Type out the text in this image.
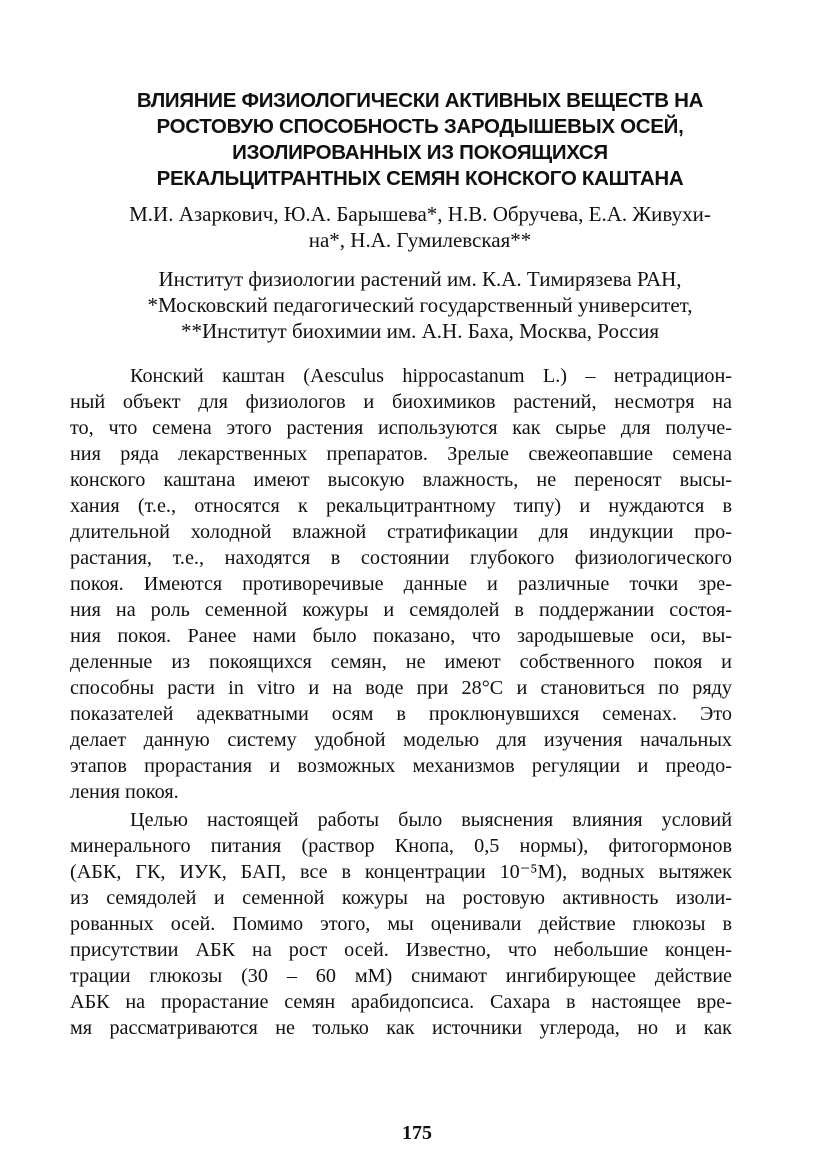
ВЛИЯНИЕ ФИЗИОЛОГИЧЕСКИ АКТИВНЫХ ВЕЩЕСТВ НА
РОСТОВУЮ СПОСОБНОСТЬ ЗАРОДЫШЕВЫХ ОСЕЙ,
ИЗОЛИРОВАННЫХ ИЗ ПОКОЯЩИХСЯ
РЕКАЛЬЦИТРАНТНЫХ СЕМЯН КОНСКОГО КАШТАНА
М.И. Азаркович, Ю.А. Барышева*, Н.В. Обручева, Е.А. Живухи-
на*, Н.А. Гумилевская**
Институт физиологии растений им. К.А. Тимирязева РАН,
*Московский педагогический государственный университет,
**Институт биохимии им. А.Н. Баха, Москва, Россия
Конский каштан (Aesculus hippocastanum L.) – нетрадицион-
ный объект для физиологов и биохимиков растений, несмотря на
то, что семена этого растения используются как сырье для получе-
ния ряда лекарственных препаратов. Зрелые свежеопавшие семена
конского каштана имеют высокую влажность, не переносят высы-
хания (т.е., относятся к рекальцитрантному типу) и нуждаются в
длительной холодной влажной стратификации для индукции про-
растания, т.е., находятся в состоянии глубокого физиологического
покоя. Имеются противоречивые данные и различные точки зре-
ния на роль семенной кожуры и семядолей в поддержании состоя-
ния покоя. Ранее нами было показано, что зародышевые оси, вы-
деленные из покоящихся семян, не имеют собственного покоя и
способны расти in vitro и на воде при 28°С и становиться по ряду
показателей адекватными осям в проклюнувшихся семенах. Это
делает данную систему удобной моделью для изучения начальных
этапов прорастания и возможных механизмов регуляции и преодо-
ления покоя.
Целью настоящей работы было выяснения влияния условий
минерального питания (раствор Кнопа, 0,5 нормы), фитогормонов
(АБК, ГК, ИУК, БАП, все в концентрации 10⁻⁵М), водных вытяжек
из семядолей и семенной кожуры на ростовую активность изоли-
рованных осей. Помимо этого, мы оценивали действие глюкозы в
присутствии АБК на рост осей. Известно, что небольшие концен-
трации глюкозы (30 – 60 мМ) снимают ингибирующее действие
АБК на прорастание семян арабидопсиса. Сахара в настоящее вре-
мя рассматриваются не только как источники углерода, но и как
175
